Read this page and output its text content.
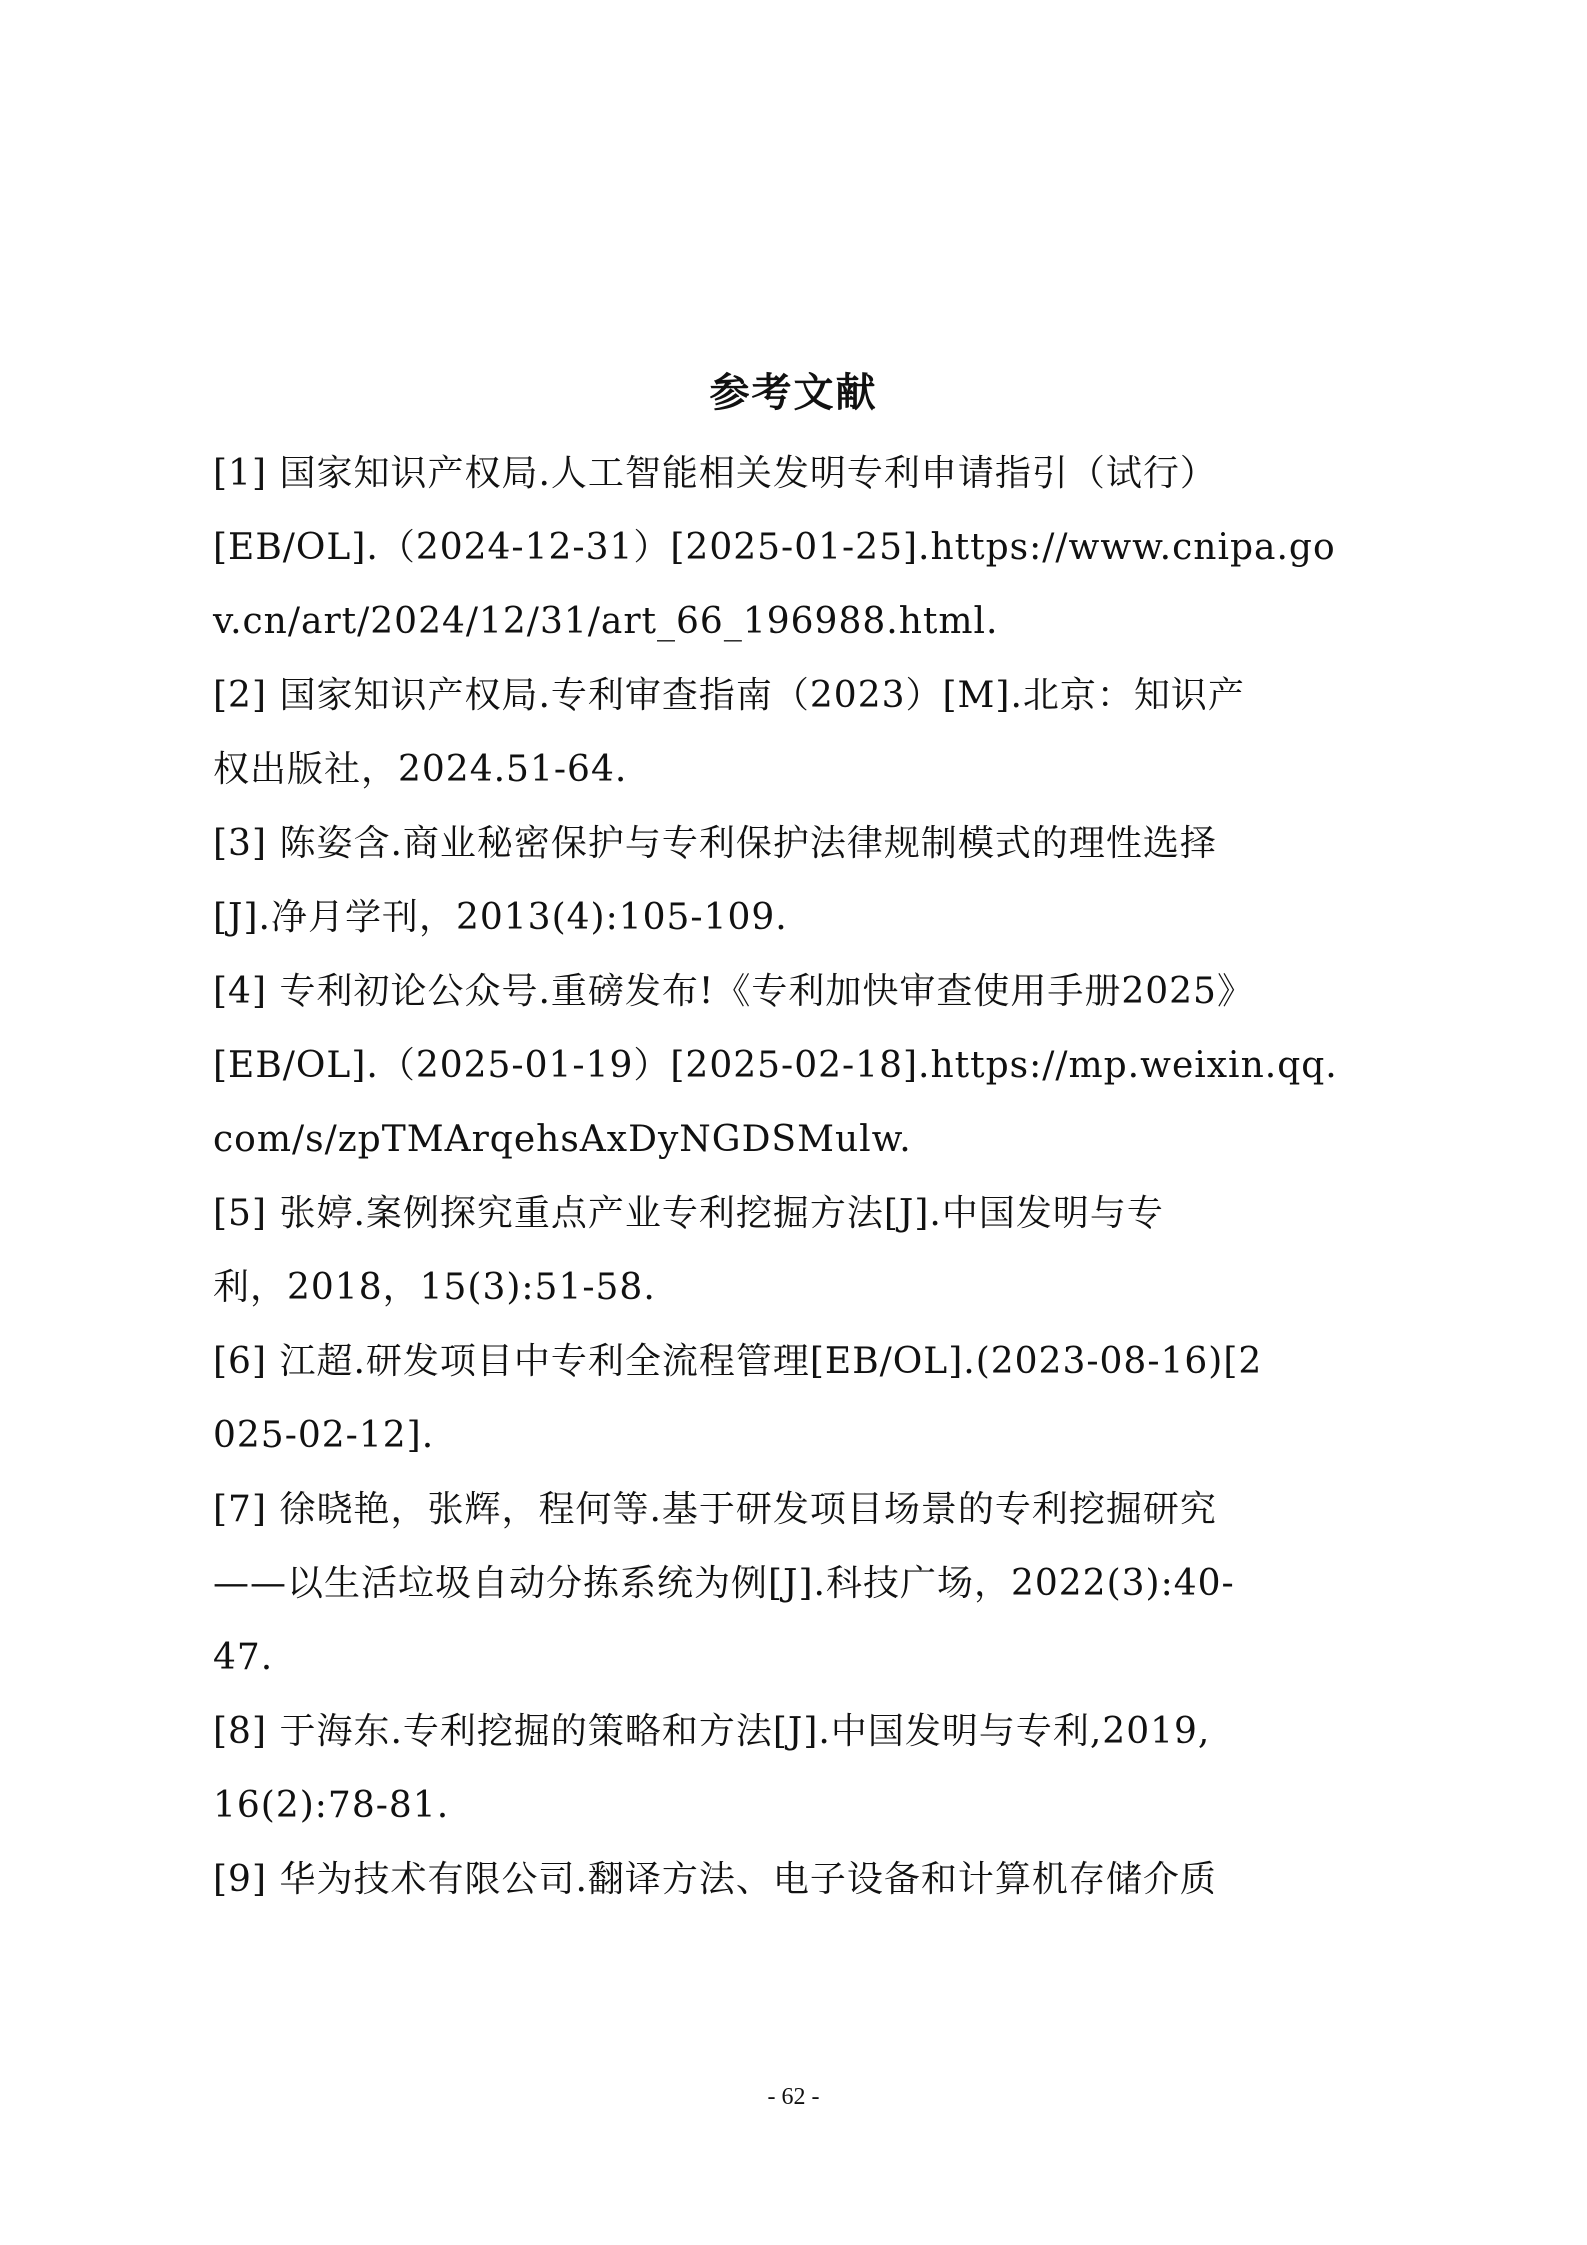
参考文献
[1] 国家知识产权局.人工智能相关发明专利申请指引（试行）
[EB/OL].（2024-12-31）[2025-01-25].https://www.cnipa.go
v.cn/art/2024/12/31/art_66_196988.html.
[2] 国家知识产权局.专利审查指南（2023）[M].北京：知识产
权出版社，2024.51-64.
[3] 陈姿含.商业秘密保护与专利保护法律规制模式的理性选择
[J].净月学刊，2013(4):105-109.
[4] 专利初论公众号.重磅发布!《专利加快审查使用手册2025》
[EB/OL].（2025-01-19）[2025-02-18].https://mp.weixin.qq.
com/s/zpTMArqehsAxDyNGDSMulw.
[5] 张婷.案例探究重点产业专利挖掘方法[J].中国发明与专
利，2018，15(3):51-58.
[6] 江超.研发项目中专利全流程管理[EB/OL].(2023-08-16)[2
025-02-12].
[7] 徐晓艳，张辉，程何等.基于研发项目场景的专利挖掘研究
——以生活垃圾自动分拣系统为例[J].科技广场，2022(3):40-
47.
[8] 于海东.专利挖掘的策略和方法[J].中国发明与专利,2019,
16(2):78-81.
[9] 华为技术有限公司.翻译方法、电子设备和计算机存储介质
- 62 -
